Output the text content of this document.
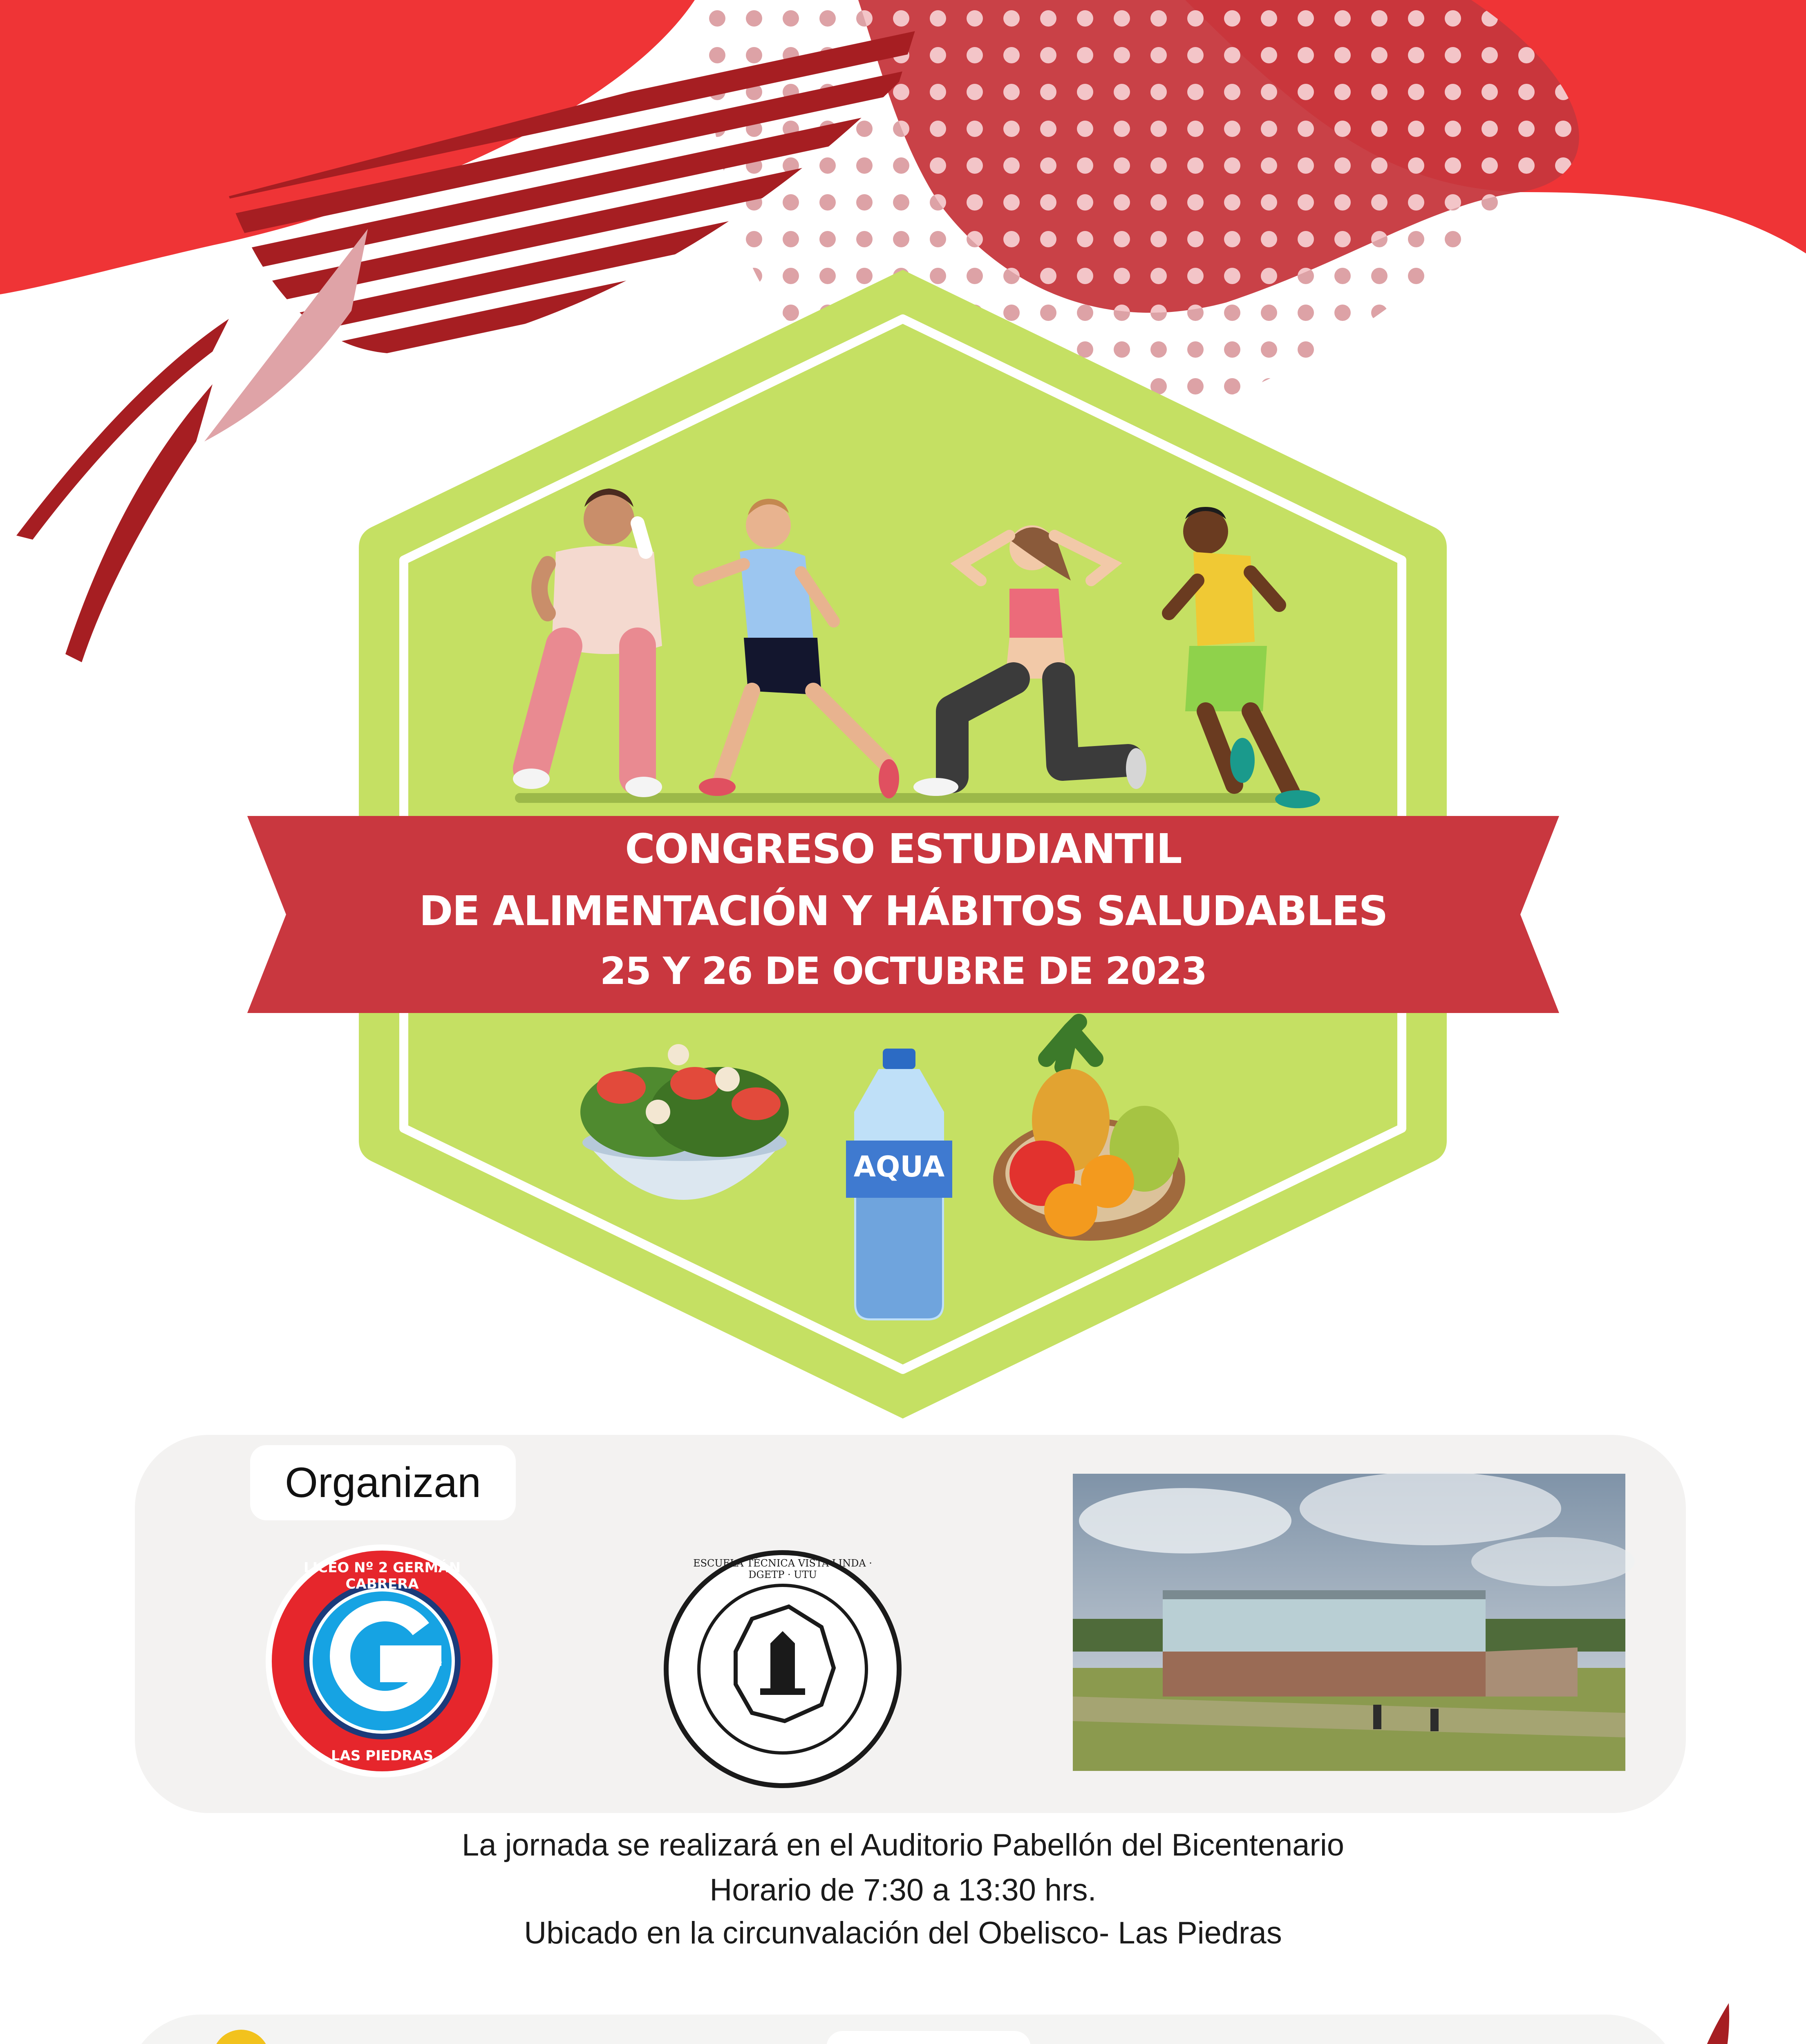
CONGRESO ESTUDIANTIL
DE ALIMENTACIÓN Y HÁBITOS SALUDABLES
25 Y 26 DE OCTUBRE DE 2023
AQUA
Organizan
LICEO Nº 2 GERMÁN CABRERA
LAS PIEDRAS
ESCUELA TÉCNICA VISTA LINDA · DGETP · UTU
La jornada se realizará en el Auditorio Pabellón del Bicentenario
Horario de 7:30 a 13:30 hrs.
Ubicado en la circunvalación del Obelisco- Las Piedras
